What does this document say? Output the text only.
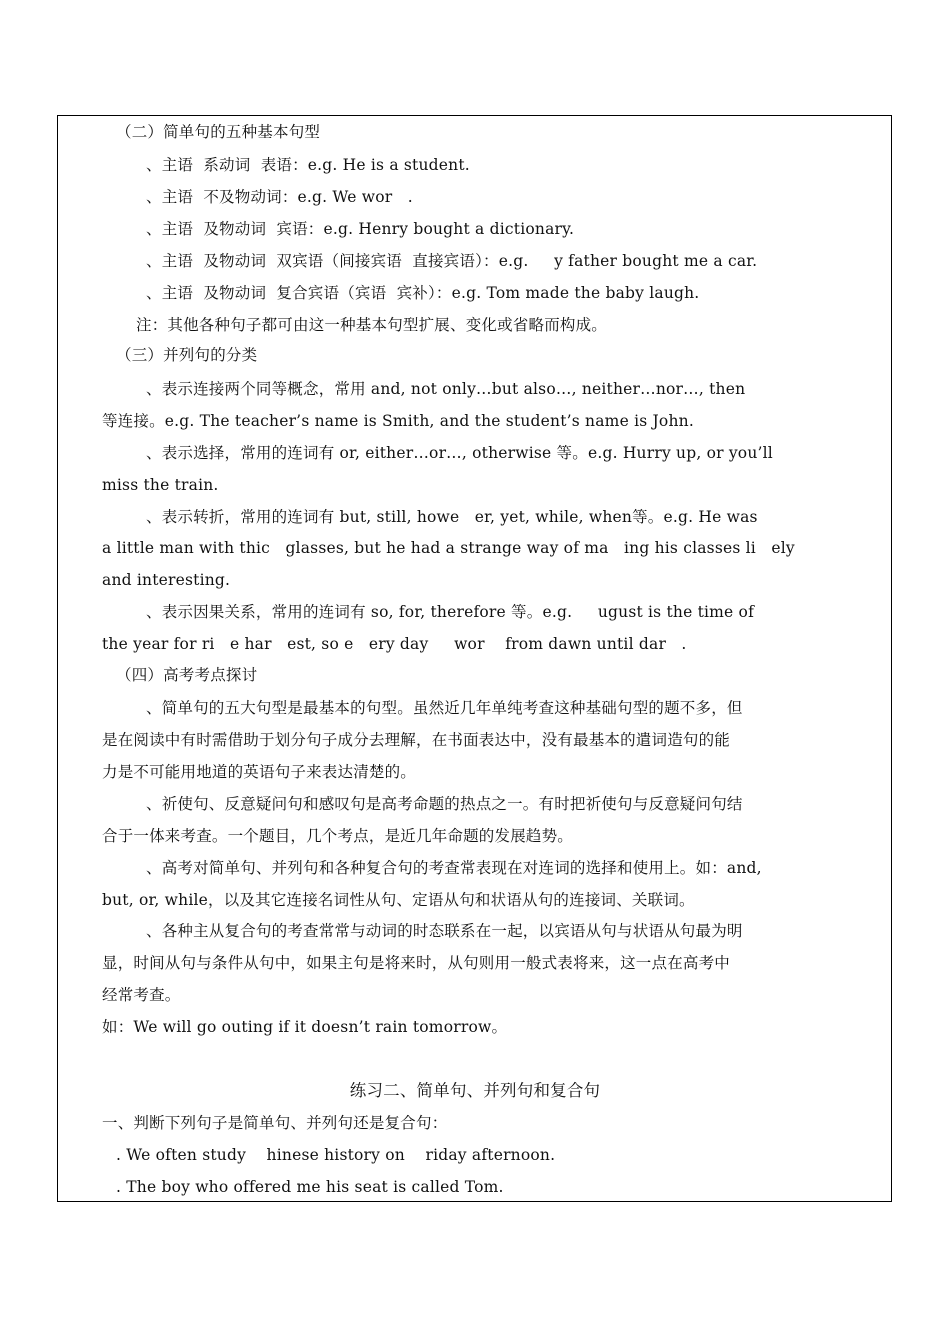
（二）简单句的五种基本句型
、主语  系动词  表语：e.g. He is a student.
、主语  不及物动词：e.g. We wor   .
、主语  及物动词  宾语：e.g. Henry bought a dictionary.
、主语  及物动词  双宾语（间接宾语  直接宾语）：e.g.     y father bought me a car.
、主语  及物动词  复合宾语（宾语  宾补）：e.g. Tom made the baby laugh.
注：其他各种句子都可由这一种基本句型扩展、变化或省略而构成。
（三）并列句的分类
、表示连接两个同等概念，常用 and, not only…but also…, neither…nor…, then
等连接。e.g. The teacher’s name is Smith, and the student’s name is John.
、表示选择，常用的连词有 or, either…or…, otherwise 等。e.g. Hurry up, or you’ll
miss the train.
、表示转折，常用的连词有 but, still, howe   er, yet, while, when等。e.g. He was
a little man with thic   glasses, but he had a strange way of ma   ing his classes li   ely
and interesting.
、表示因果关系，常用的连词有 so, for, therefore 等。e.g.     ugust is the time of
the year for ri   e har   est, so e   ery day     wor    from dawn until dar   .
（四）高考考点探讨
、简单句的五大句型是最基本的句型。虽然近几年单纯考查这种基础句型的题不多，但
是在阅读中有时需借助于划分句子成分去理解，在书面表达中，没有最基本的遣词造句的能
力是不可能用地道的英语句子来表达清楚的。
、祈使句、反意疑问句和感叹句是高考命题的热点之一。有时把祈使句与反意疑问句结
合于一体来考查。一个题目，几个考点，是近几年命题的发展趋势。
、高考对简单句、并列句和各种复合句的考查常表现在对连词的选择和使用上。如：and,
but, or, while，以及其它连接名词性从句、定语从句和状语从句的连接词、关联词。
、各种主从复合句的考查常常与动词的时态联系在一起，以宾语从句与状语从句最为明
显，时间从句与条件从句中，如果主句是将来时，从句则用一般式表将来，这一点在高考中
经常考查。
如：We will go outing if it doesn’t rain tomorrow。
练习二、简单句、并列句和复合句
一、判断下列句子是简单句、并列句还是复合句：
. We often study    hinese history on    riday afternoon.
. The boy who offered me his seat is called Tom.
